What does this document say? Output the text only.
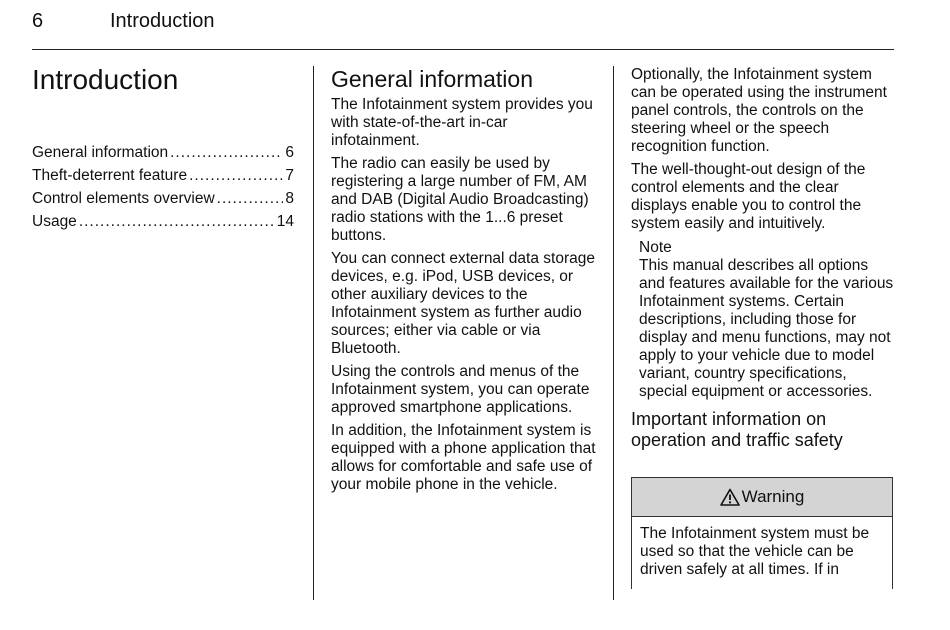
6	Introduction
Introduction
General information .....	6
Theft-deterrent feature .....	7
Control elements overview .....	8
Usage .....	14
General information

The Infotainment system provides you with state-of-the-art in-car infotainment.

The radio can easily be used by registering a large number of FM, AM and DAB (Digital Audio Broadcasting) radio stations with the 1...6 preset buttons.

You can connect external data storage devices, e.g. iPod, USB devices, or other auxiliary devices to the Infotainment system as further audio sources; either via cable or via Bluetooth.

Using the controls and menus of the Infotainment system, you can operate approved smartphone applications.

In addition, the Infotainment system is equipped with a phone application that allows for comfortable and safe use of your mobile phone in the vehicle.

Optionally, the Infotainment system can be operated using the instrument panel controls, the controls on the steering wheel or the speech recognition function.

The well-thought-out design of the control elements and the clear displays enable you to control the system easily and intuitively.

Note

This manual describes all options and features available for the various Infotainment systems. Certain descriptions, including those for display and menu functions, may not apply to your vehicle due to model variant, country specifications, special equipment or accessories.

Important information on operation and traffic safety
Warning
The Infotainment system must be used so that the vehicle can be driven safely at all times. If in
